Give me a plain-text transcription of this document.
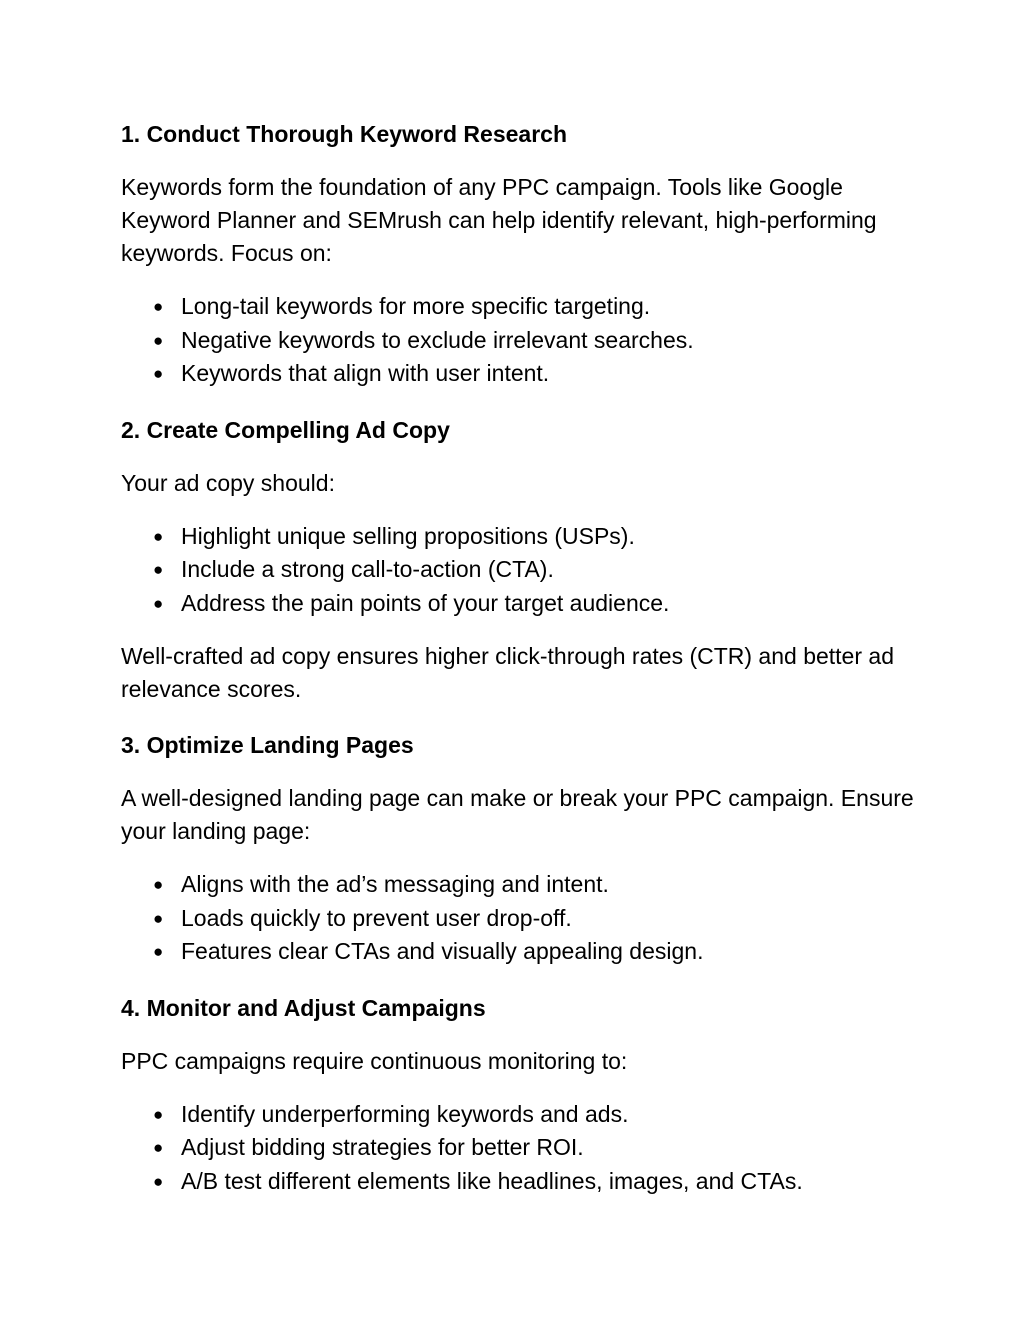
1. Conduct Thorough Keyword Research

Keywords form the foundation of any PPC campaign. Tools like Google Keyword Planner and SEMrush can help identify relevant, high-performing keywords. Focus on:

● Long-tail keywords for more specific targeting.
● Negative keywords to exclude irrelevant searches.
● Keywords that align with user intent.
2. Create Compelling Ad Copy

Your ad copy should:

● Highlight unique selling propositions (USPs).
● Include a strong call-to-action (CTA).
● Address the pain points of your target audience.

Well-crafted ad copy ensures higher click-through rates (CTR) and better ad relevance scores.

3. Optimize Landing Pages

A well-designed landing page can make or break your PPC campaign. Ensure your landing page:

● Aligns with the ad’s messaging and intent.
● Loads quickly to prevent user drop-off.
● Features clear CTAs and visually appealing design.
4. Monitor and Adjust Campaigns

PPC campaigns require continuous monitoring to:

● Identify underperforming keywords and ads.
● Adjust bidding strategies for better ROI.
● A/B test different elements like headlines, images, and CTAs.
